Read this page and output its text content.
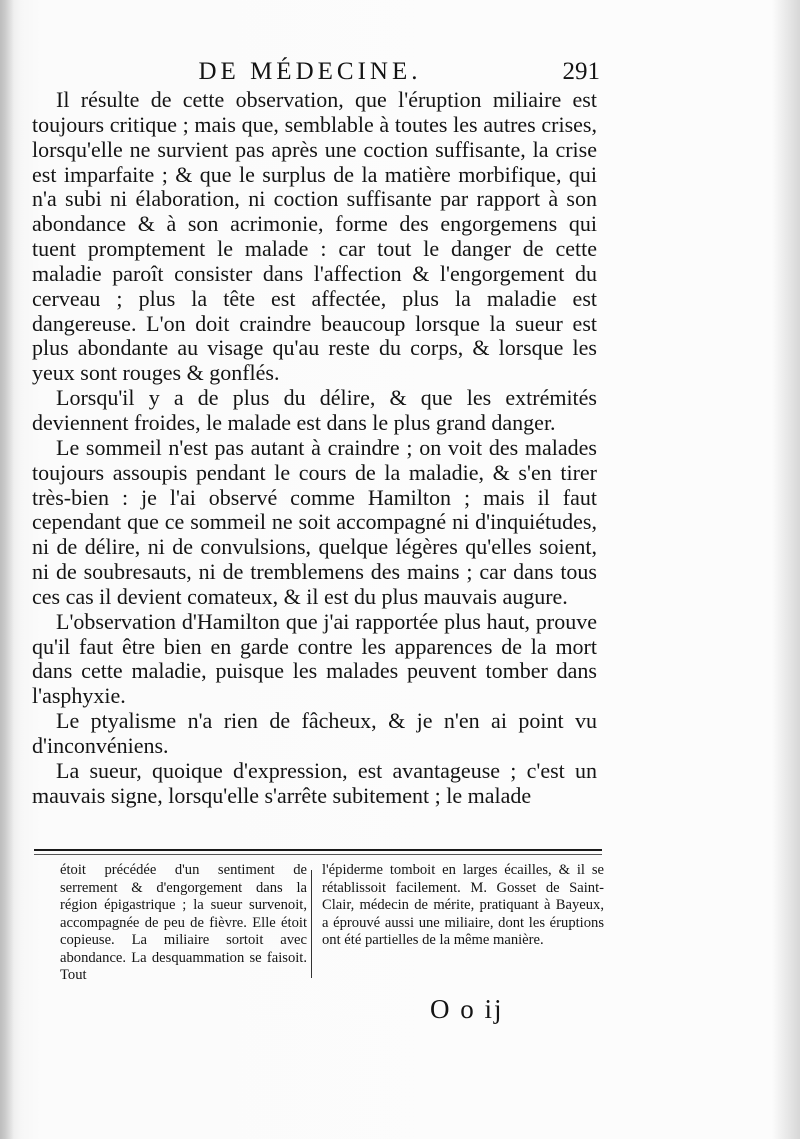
DE MÉDECINE.	291

Il résulte de cette observation, que l'éruption miliaire est toujours critique ; mais que, semblable à toutes les autres crises, lorsqu'elle ne survient pas après une coction suffisante, la crise est imparfaite ; & que le surplus de la matière morbifique, qui n'a subi ni élaboration, ni coction suffisante par rapport à son abondance & à son acrimonie, forme des engorgemens qui tuent promptement le malade : car tout le danger de cette maladie paroît consister dans l'affection & l'engorgement du cerveau ; plus la tête est affectée, plus la maladie est dangereuse. L'on doit craindre beaucoup lorsque la sueur est plus abondante au visage qu'au reste du corps, & lorsque les yeux sont rouges & gonflés.

Lorsqu'il y a de plus du délire, & que les extrémités deviennent froides, le malade est dans le plus grand danger.

Le sommeil n'est pas autant à craindre ; on voit des malades toujours assoupis pendant le cours de la maladie, & s'en tirer très-bien : je l'ai observé comme Hamilton ; mais il faut cependant que ce sommeil ne soit accompagné ni d'inquiétudes, ni de délire, ni de convulsions, quelque légères qu'elles soient, ni de soubresauts, ni de tremblemens des mains ; car dans tous ces cas il devient comateux, & il est du plus mauvais augure.

L'observation d'Hamilton que j'ai rapportée plus haut, prouve qu'il faut être bien en garde contre les apparences de la mort dans cette maladie, puisque les malades peuvent tomber dans l'asphyxie.

Le ptyalisme n'a rien de fâcheux, & je n'en ai point vu d'inconvéniens.

La sueur, quoique d'expression, est avantageuse ; c'est un mauvais signe, lorsqu'elle s'arrête subitement ; le malade

étoit précédée d'un sentiment de serrement & d'engorgement dans la région épigastrique ; la sueur survenoit, accompagnée de peu de fièvre. Elle étoit copieuse. La miliaire sortoit avec abondance. La desquammation se faisoit. Tout
l'épiderme tomboit en larges écailles, & il se rétablissoit facilement. M. Gosset de Saint-Clair, médecin de mérite, pratiquant à Bayeux, a éprouvé aussi une miliaire, dont les éruptions ont été partielles de la même manière.
O o ij
